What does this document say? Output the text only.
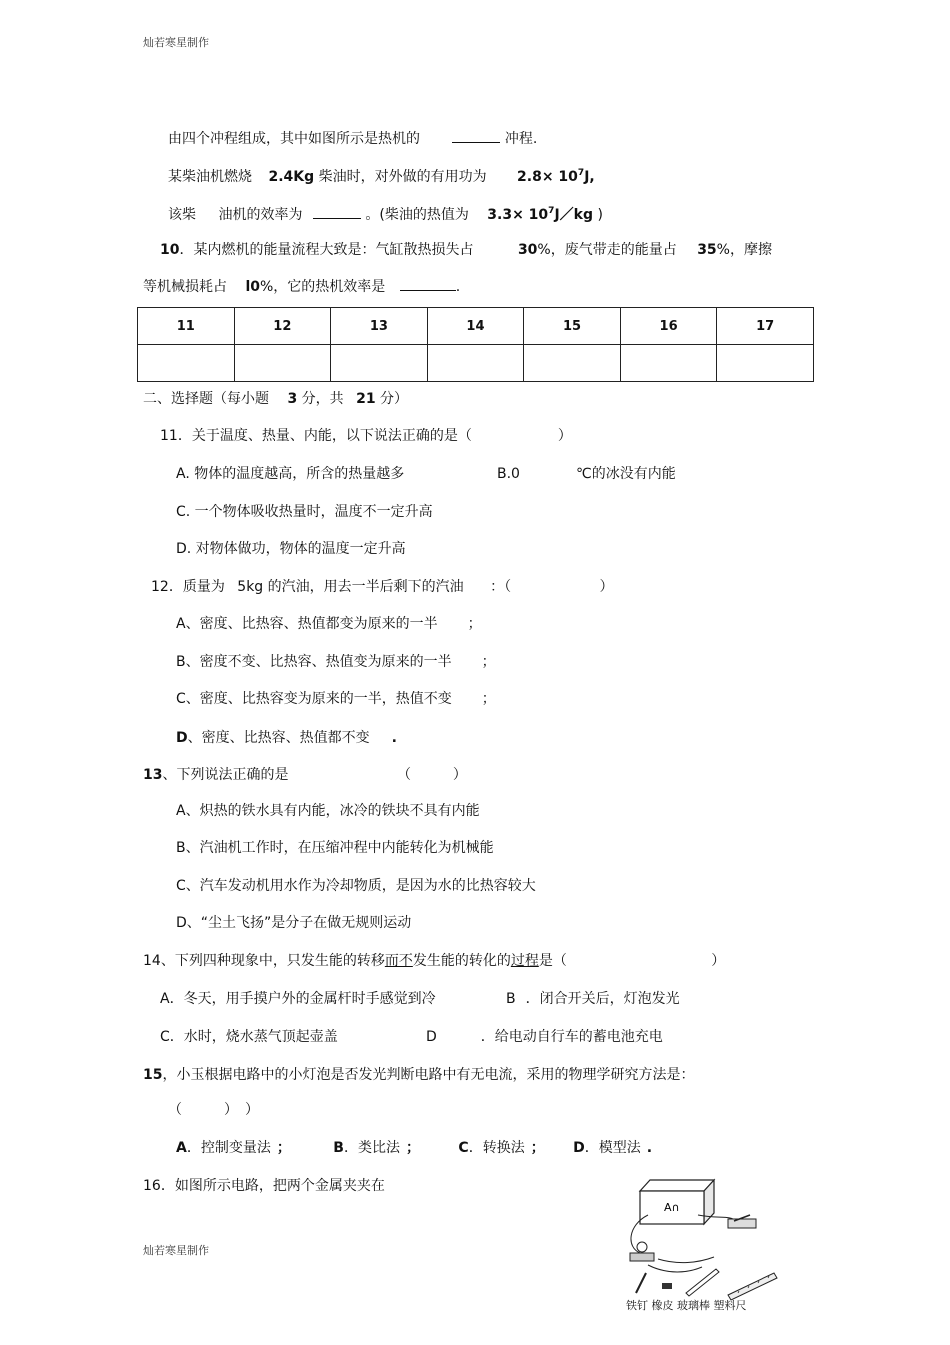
灿若寒星制作
由四个冲程组成，其中如图所示是热机的	冲程.
某柴油机燃烧 2.4Kg 柴油时，对外做的有用功为 $2.8\times 10^7J$,
该柴 油机的效率为	。(柴油的热值为 $3.3\times 10^7J/kg$ )
10．某内燃机的能量流程大致是：气缸散热损失占	30%，废气带走的能量占 35%，摩擦
等机械损耗占 l0%，它的热机效率是	.
11	12	13	14	15	16	17

二、选择题（每小题 3 分，共 21 分）
11．关于温度、热量、内能，以下说法正确的是（	）
A. 物体的温度越高，所含的热量越多	B.0	℃的冰没有内能
C. 一个物体吸收热量时，温度不一定升高
D. 对物体做功，物体的温度一定升高
12．质量为 5kg 的汽油，用去一半后剩下的汽油 ：（	）
A、密度、比热容、热值都变为原来的一半 ；
B、密度不变、比热容、热值变为原来的一半 ；
C、密度、比热容变为原来的一半，热值不变 ；
D、密度、比热容、热值都不变 .
13、下列说法正确的是	（　　　）
A、炽热的铁水具有内能，冰冷的铁块不具有内能
B、汽油机工作时，在压缩冲程中内能转化为机械能
C、汽车发动机用水作为冷却物质，是因为水的比热容较大
D、“尘土飞扬”是分子在做无规则运动
14、下列四种现象中，只发生能的转移而不发生能的转化的过程是（	）
A．冬天，用手摸户外的金属杆时手感觉到冷	B ．闭合开关后，灯泡发光
C．水时，烧水蒸气顶起壶盖	D	．给电动自行车的蓄电池充电
15，小玉根据电路中的小灯泡是否发光判断电路中有无电流，采用的物理学研究方法是：
（　　　）　）
A．控制变量法 ；	B．类比法 ；	C．转换法 ； D．模型法 .
16．如图所示电路，把两个金属夹夹在
A∩
铁钉 橡皮 玻璃棒 塑料尺
灿若寒星制作
